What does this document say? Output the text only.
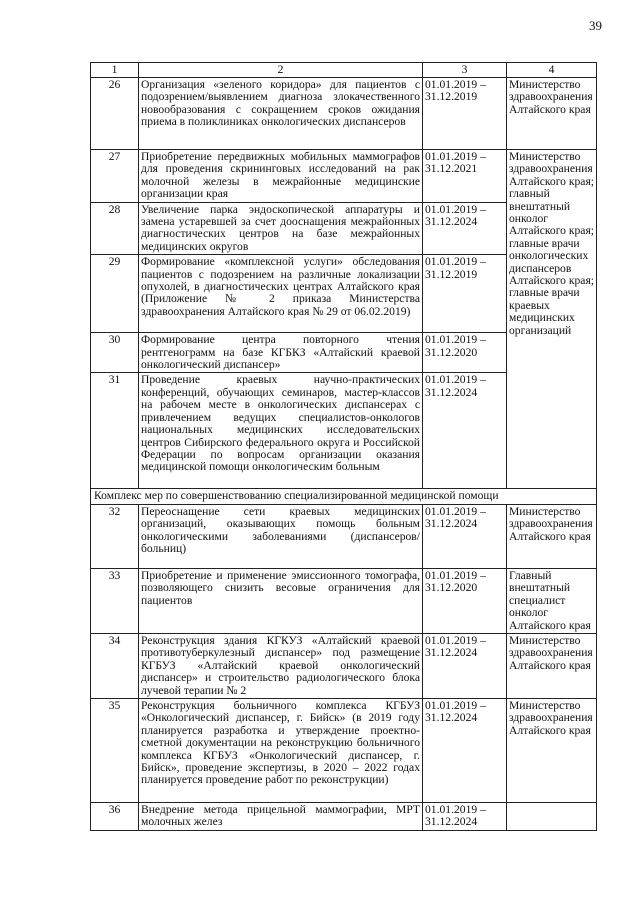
39
1	2	3	4
26	Организация «зеленого коридора» для пациентов с подозрением/выявлением диагноза злокачественного новообразования с сокращением сроков ожидания приема в поликлиниках онкологических диспансеров	01.01.2019 – 31.12.2019	Министерство здравоохранения Алтайского края
27	Приобретение передвижных мобильных маммографов для проведения скрининговых исследований на рак молочной железы в межрайонные медицинские организации края	01.01.2019 – 31.12.2021	Министерство здравоохранения Алтайского края; главный внештатный онколог Алтайского края; главные врачи онкологических диспансеров Алтайского края; главные врачи краевых медицинских организаций
28	Увеличение парка эндоскопической аппаратуры и замена устаревшей за счет дооснащения межрайонных диагностических центров на базе межрайонных медицинских округов	01.01.2019 – 31.12.2024	
29	Формирование «комплексной услуги» обследования пациентов с подозрением на различные локализации опухолей, в диагностических центрах Алтайского края (Приложение № 2 приказа Министерства здравоохранения Алтайского края № 29 от 06.02.2019)	01.01.2019 – 31.12.2019	
30	Формирование центра повторного чтения рентгенограмм на базе КГБКЗ «Алтайский краевой онкологический диспансер»	01.01.2019 – 31.12.2020	
31	Проведение краевых научно-практических конференций, обучающих семинаров, мастер-классов на рабочем месте в онкологических диспансерах с привлечением ведущих специалистов-онкологов национальных медицинских исследовательских центров Сибирского федерального округа и Российской Федерации по вопросам организации оказания медицинской помощи онкологическим больным	01.01.2019 – 31.12.2024	
Комплекс мер по совершенствованию специализированной медицинской помощи			
32	Переоснащение сети краевых медицинских организаций, оказывающих помощь больным онкологическими заболеваниями (диспансеров/больниц)	01.01.2019 – 31.12.2024	Министерство здравоохранения Алтайского края
33	Приобретение и применение эмиссионного томографа, позволяющего снизить весовые ограничения для пациентов	01.01.2019 – 31.12.2020	Главный внештатный специалист онколог Алтайского края
34	Реконструкция здания КГКУЗ «Алтайский краевой противотуберкулезный диспансер» под размещение КГБУЗ «Алтайский краевой онкологический диспансер» и строительство радиологического блока лучевой терапии № 2	01.01.2019 – 31.12.2024	Министерство здравоохранения Алтайского края
35	Реконструкция больничного комплекса КГБУЗ «Онкологический диспансер, г. Бийск» (в 2019 году планируется разработка и утверждение проектно-сметной документации на реконструкцию больничного комплекса КГБУЗ «Онкологический диспансер, г. Бийск», проведение экспертизы, в 2020 – 2022 годах планируется проведение работ по реконструкции)	01.01.2019 – 31.12.2024	Министерство здравоохранения Алтайского края
36	Внедрение метода прицельной маммографии, МРТ молочных желез	01.01.2019 – 31.12.2024	
